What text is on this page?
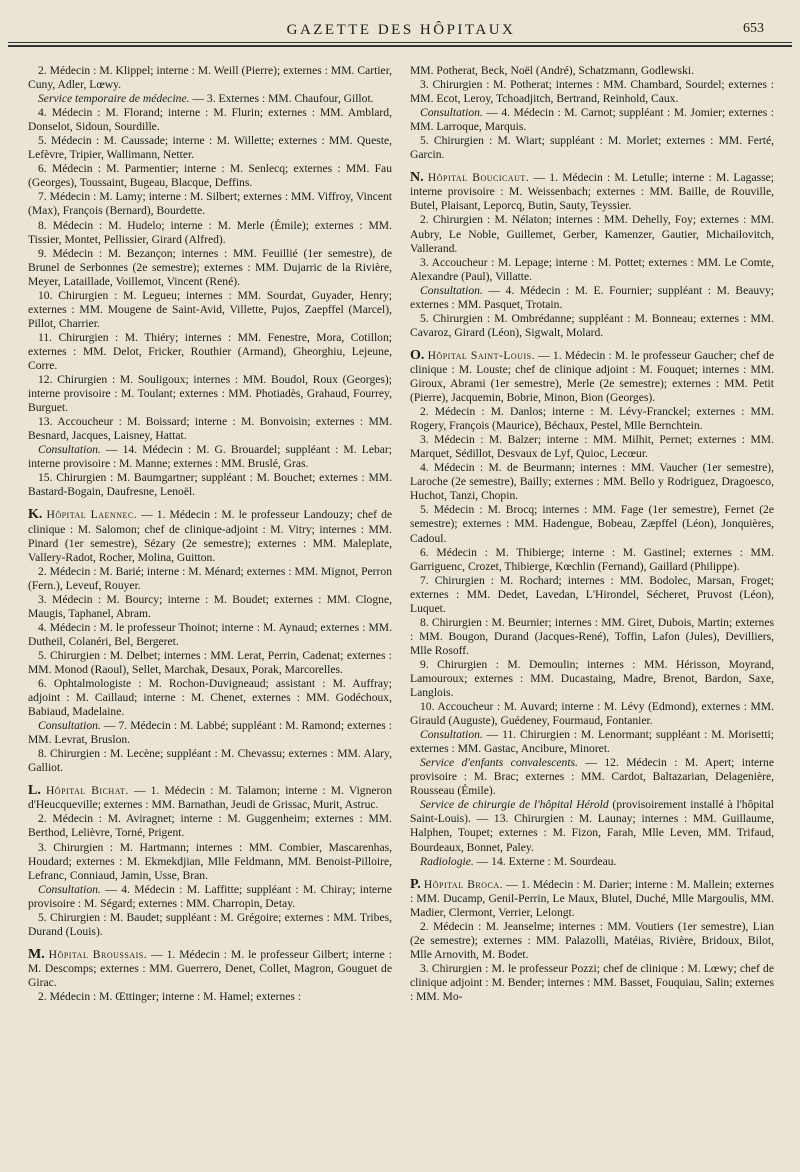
GAZETTE DES HÔPITAUX	653

2. Médecin : M. Klippel; interne : M. Weill (Pierre); externes : MM. Cartier, Cuny, Adler, Lœwy.

Service temporaire de médecine. — 3. Externes : MM. Chaufour, Gillot.

4. Médecin : M. Florand; interne : M. Flurin; externes : MM. Amblard, Donselot, Sidoun, Sourdille.

5. Médecin : M. Caussade; interne : M. Willette; externes : MM. Queste, Lefèvre, Tripier, Wallimann, Netter.

6. Médecin : M. Parmentier; interne : M. Senlecq; externes : MM. Fau (Georges), Toussaint, Bugeau, Blacque, Deffins.

7. Médecin : M. Lamy; interne : M. Silbert; externes : MM. Viffroy, Vincent (Max), François (Bernard), Bourdette.

8. Médecin : M. Hudelo; interne : M. Merle (Émile); externes : MM. Tissier, Montet, Pellissier, Girard (Alfred).

9. Médecin : M. Bezançon; internes : MM. Feuillié (1er semestre), de Brunel de Serbonnes (2e semestre); externes : MM. Dujarric de la Rivière, Meyer, Lataillade, Voillemot, Vincent (René).

10. Chirurgien : M. Legueu; internes : MM. Sourdat, Guyader, Henry; externes : MM. Mougene de Saint-Avid, Villette, Pujos, Zaepffel (Marcel), Pillot, Charrier.

11. Chirurgien : M. Thiéry; internes : MM. Fenestre, Mora, Cotillon; externes : MM. Delot, Fricker, Routhier (Armand), Gheorghiu, Lejeune, Corre.

12. Chirurgien : M. Souligoux; internes : MM. Boudol, Roux (Georges); interne provisoire : M. Toulant; externes : MM. Photiadès, Grahaud, Fourrey, Burguet.

13. Accoucheur : M. Boissard; interne : M. Bonvoisin; externes : MM. Besnard, Jacques, Laisney, Hattat.

Consultation. — 14. Médecin : M. G. Brouardel; suppléant : M. Lebar; interne provisoire : M. Manne; externes : MM. Bruslé, Gras.

15. Chirurgien : M. Baumgartner; suppléant : M. Bouchet; externes : MM. Bastard-Bogain, Daufresne, Lenoël.

K. Hôpital Laennec. — 1. Médecin : M. le professeur Landouzy; chef de clinique : M. Salomon; chef de clinique-adjoint : M. Vitry; internes : MM. Pinard (1er semestre), Sézary (2e semestre); externes : MM. Maleplate, Vallery-Radot, Rocher, Molina, Guitton.

2. Médecin : M. Barié; interne : M. Ménard; externes : MM. Mignot, Perron (Fern.), Leveuf, Rouyer.

3. Médecin : M. Bourcy; interne : M. Boudet; externes : MM. Clogne, Maugis, Taphanel, Abram.

4. Médecin : M. le professeur Thoinot; interne : M. Aynaud; externes : MM. Dutheil, Colanéri, Bel, Bergeret.

5. Chirurgien : M. Delbet; internes : MM. Lerat, Perrin, Cadenat; externes : MM. Monod (Raoul), Sellet, Marchak, Desaux, Porak, Marcorelles.

6. Ophtalmologiste : M. Rochon-Duvigneaud; assistant : M. Auffray; adjoint : M. Caillaud; interne : M. Chenet, externes : MM. Godéchoux, Babiaud, Madelaine.

Consultation. — 7. Médecin : M. Labbé; suppléant : M. Ramond; externes : MM. Levrat, Bruslon.

8. Chirurgien : M. Lecène; suppléant : M. Chevassu; externes : MM. Alary, Galliot.

L. Hôpital Bichat. — 1. Médecin : M. Talamon; interne : M. Vigneron d'Heucqueville; externes : MM. Barnathan, Jeudi de Grissac, Murit, Astruc.

2. Médecin : M. Aviragnet; interne : M. Guggenheim; externes : MM. Berthod, Lelièvre, Torné, Prigent.

3. Chirurgien : M. Hartmann; internes : MM. Combier, Mascarenhas, Houdard; externes : M. Ekmekdjian, Mlle Feldmann, MM. Benoist-Pilloire, Lefranc, Conniaud, Jamin, Usse, Bran.

Consultation. — 4. Médecin : M. Laffitte; suppléant : M. Chiray; interne provisoire : M. Ségard; externes : MM. Charropin, Detay.

5. Chirurgien : M. Baudet; suppléant : M. Grégoire; externes : MM. Tribes, Durand (Louis).

M. Hôpital Broussais. — 1. Médecin : M. le professeur Gilbert; interne : M. Descomps; externes : MM. Guerrero, Denet, Collet, Magron, Gouguet de Girac.

2. Médecin : M. Œttinger; interne : M. Hamel; externes :

MM. Potherat, Beck, Noël (André), Schatzmann, Godlewski.

3. Chirurgien : M. Potherat; internes : MM. Chambard, Sourdel; externes : MM. Ecot, Leroy, Tchoadjitch, Bertrand, Reinhold, Caux.

Consultation. — 4. Médecin : M. Carnot; suppléant : M. Jomier; externes : MM. Larroque, Marquis.

5. Chirurgien : M. Wiart; suppléant : M. Morlet; externes : MM. Ferté, Garcin.

N. Hôpital Boucicaut. — 1. Médecin : M. Letulle; interne : M. Lagasse; interne provisoire : M. Weissenbach; externes : MM. Baille, de Rouville, Butel, Plaisant, Leporcq, Butin, Sauty, Teyssier.

2. Chirurgien : M. Nélaton; internes : MM. Dehelly, Foy; externes : MM. Aubry, Le Noble, Guillemet, Gerber, Kamenzer, Gautier, Michailovitch, Vallerand.

3. Accoucheur : M. Lepage; interne : M. Pottet; externes : MM. Le Comte, Alexandre (Paul), Villatte.

Consultation. — 4. Médecin : M. E. Fournier; suppléant : M. Beauvy; externes : MM. Pasquet, Trotain.

5. Chirurgien : M. Ombrédanne; suppléant : M. Bonneau; externes : MM. Cavaroz, Girard (Léon), Sigwalt, Molard.

O. Hôpital Saint-Louis. — 1. Médecin : M. le professeur Gaucher; chef de clinique : M. Louste; chef de clinique adjoint : M. Fouquet; internes : MM. Giroux, Abrami (1er semestre), Merle (2e semestre); externes : MM. Petit (Pierre), Jacquemin, Bobrie, Minon, Bion (Georges).

2. Médecin : M. Danlos; interne : M. Lévy-Franckel; externes : MM. Rogery, François (Maurice), Béchaux, Pestel, Mlle Bernchtein.

3. Médecin : M. Balzer; interne : MM. Milhit, Pernet; externes : MM. Marquet, Sédillot, Desvaux de Lyf, Quioc, Lecœur.

4. Médecin : M. de Beurmann; internes : MM. Vaucher (1er semestre), Laroche (2e semestre), Bailly; externes : MM. Bello y Rodriguez, Dragoesco, Huchot, Tanzi, Chopin.

5. Médecin : M. Brocq; internes : MM. Fage (1er semestre), Fernet (2e semestre); externes : MM. Hadengue, Bobeau, Zæpffel (Léon), Jonquières, Cadoul.

6. Médecin : M. Thibierge; interne : M. Gastinel; externes : MM. Garriguenc, Crozet, Thibierge, Kœchlin (Fernand), Gaillard (Philippe).

7. Chirurgien : M. Rochard; internes : MM. Bodolec, Marsan, Froget; externes : MM. Dedet, Lavedan, L'Hirondel, Sécheret, Pruvost (Léon), Luquet.

8. Chirurgien : M. Beurnier; internes : MM. Giret, Dubois, Martin; externes : MM. Bougon, Durand (Jacques-René), Toffin, Lafon (Jules), Devilliers, Mlle Rosoff.

9. Chirurgien : M. Demoulin; internes : MM. Hérisson, Moyrand, Lamouroux; externes : MM. Ducastaing, Madre, Brenot, Bardon, Saxe, Langlois.

10. Accoucheur : M. Auvard; interne : M. Lévy (Edmond), externes : MM. Girauld (Auguste), Guédeney, Fourmaud, Fontanier.

Consultation. — 11. Chirurgien : M. Lenormant; suppléant : M. Morisetti; externes : MM. Gastac, Ancibure, Minoret.

Service d'enfants convalescents. — 12. Médecin : M. Apert; interne provisoire : M. Brac; externes : MM. Cardot, Baltazarian, Delagenière, Rousseau (Émile).

Service de chirurgie de l'hôpital Hérold (provisoirement installé à l'hôpital Saint-Louis). — 13. Chirurgien : M. Launay; internes : MM. Guillaume, Halphen, Toupet; externes : M. Fizon, Farah, Mlle Leven, MM. Trifaud, Bourdeaux, Bonnet, Paley.

Radiologie. — 14. Externe : M. Sourdeau.

P. Hôpital Broca. — 1. Médecin : M. Darier; interne : M. Mallein; externes : MM. Ducamp, Genil-Perrin, Le Maux, Blutel, Duché, Mlle Margoulis, MM. Madier, Clermont, Verrier, Lelongt.

2. Médecin : M. Jeanselme; internes : MM. Voutiers (1er semestre), Lian (2e semestre); externes : MM. Palazolli, Matéias, Rivière, Bridoux, Bilot, Mlle Arnovith, M. Bodet.

3. Chirurgien : M. le professeur Pozzi; chef de clinique : M. Lœwy; chef de clinique adjoint : M. Bender; internes : MM. Basset, Fouquiau, Salin; externes : MM. Mo-
